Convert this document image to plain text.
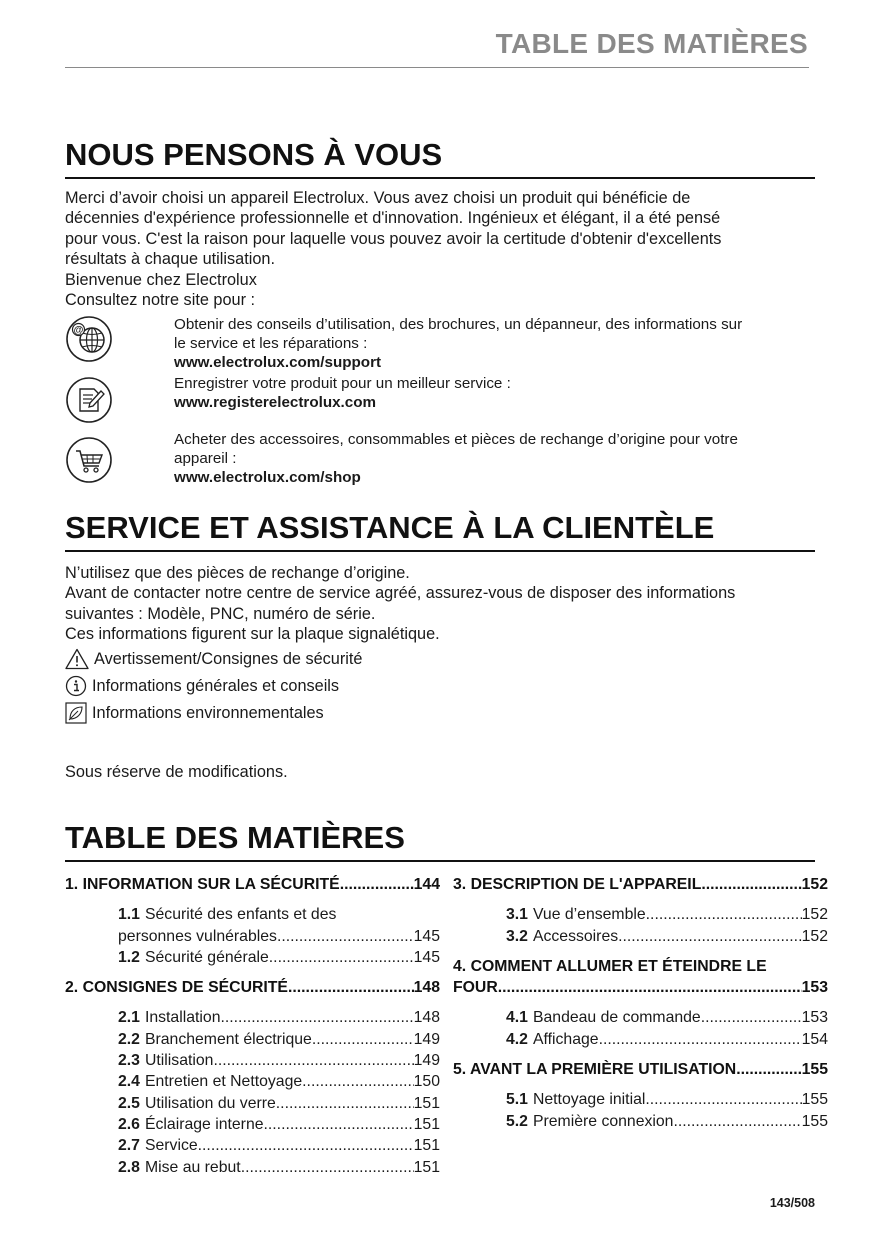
TABLE DES MATIÈRES
NOUS PENSONS À VOUS
Merci d’avoir choisi un appareil Electrolux. Vous avez choisi un produit qui bénéficie de
décennies d'expérience professionnelle et d'innovation. Ingénieux et élégant, il a été pensé
pour vous. C'est la raison pour laquelle vous pouvez avoir la certitude d'obtenir d'excellents
résultats à chaque utilisation.
Bienvenue chez Electrolux
Consultez notre site pour :
@	Obtenir des conseils d’utilisation, des brochures, un dépanneur, des informations sur
le service et les réparations :
www.electrolux.com/support
Enregistrer votre produit pour un meilleur service :
www.registerelectrolux.com
Acheter des accessoires, consommables et pièces de rechange d’origine pour votre
appareil :
www.electrolux.com/shop
SERVICE ET ASSISTANCE À LA CLIENTÈLE
N’utilisez que des pièces de rechange d’origine.
Avant de contacter notre centre de service agréé, assurez-vous de disposer des informations
suivantes : Modèle, PNC, numéro de série.
Ces informations figurent sur la plaque signalétique.
Avertissement/Consignes de sécurité
Informations générales et conseils
Informations environnementales
Sous réserve de modifications.
TABLE DES MATIÈRES
1. INFORMATION SUR LA SÉCURITÉ .....	144
1.1 Sécurité des enfants et des
personnes vulnérables .....	145
1.2 Sécurité générale .....	145
2. CONSIGNES DE SÉCURITÉ .....	148
2.1 Installation .....	148
2.2 Branchement électrique .....	149
2.3 Utilisation .....	149
2.4 Entretien et Nettoyage .....	150
2.5 Utilisation du verre .....	151
2.6 Éclairage interne .....	151
2.7 Service .....	151
2.8 Mise au rebut .....	151
3. DESCRIPTION DE L'APPAREIL .....	152
3.1 Vue d’ensemble .....	152
3.2 Accessoires .....	152
4. COMMENT ALLUMER ET ÉTEINDRE LE
FOUR .....	153
4.1 Bandeau de commande .....	153
4.2 Affichage .....	154
5. AVANT LA PREMIÈRE UTILISATION .....	155
5.1 Nettoyage initial .....	155
5.2 Première connexion .....	155
143/508
